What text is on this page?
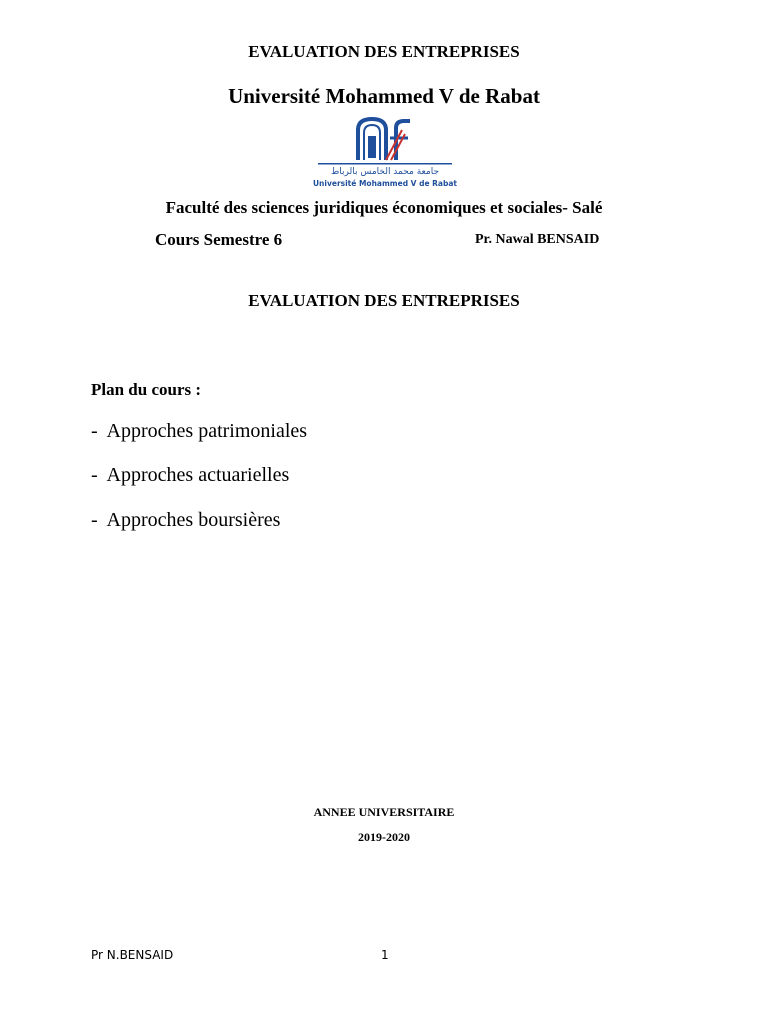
EVALUATION DES ENTREPRISES
Université Mohammed V de Rabat
جامعة محمد الخامس بالرباط
Université Mohammed V de Rabat
Faculté des sciences juridiques économiques et sociales- Salé
Cours Semestre 6	Pr. Nawal BENSAID
EVALUATION DES ENTREPRISES
Plan du cours :
-  Approches patrimoniales
-  Approches actuarielles
-  Approches boursières
ANNEE UNIVERSITAIRE
2019-2020
Pr N.BENSAID	1
